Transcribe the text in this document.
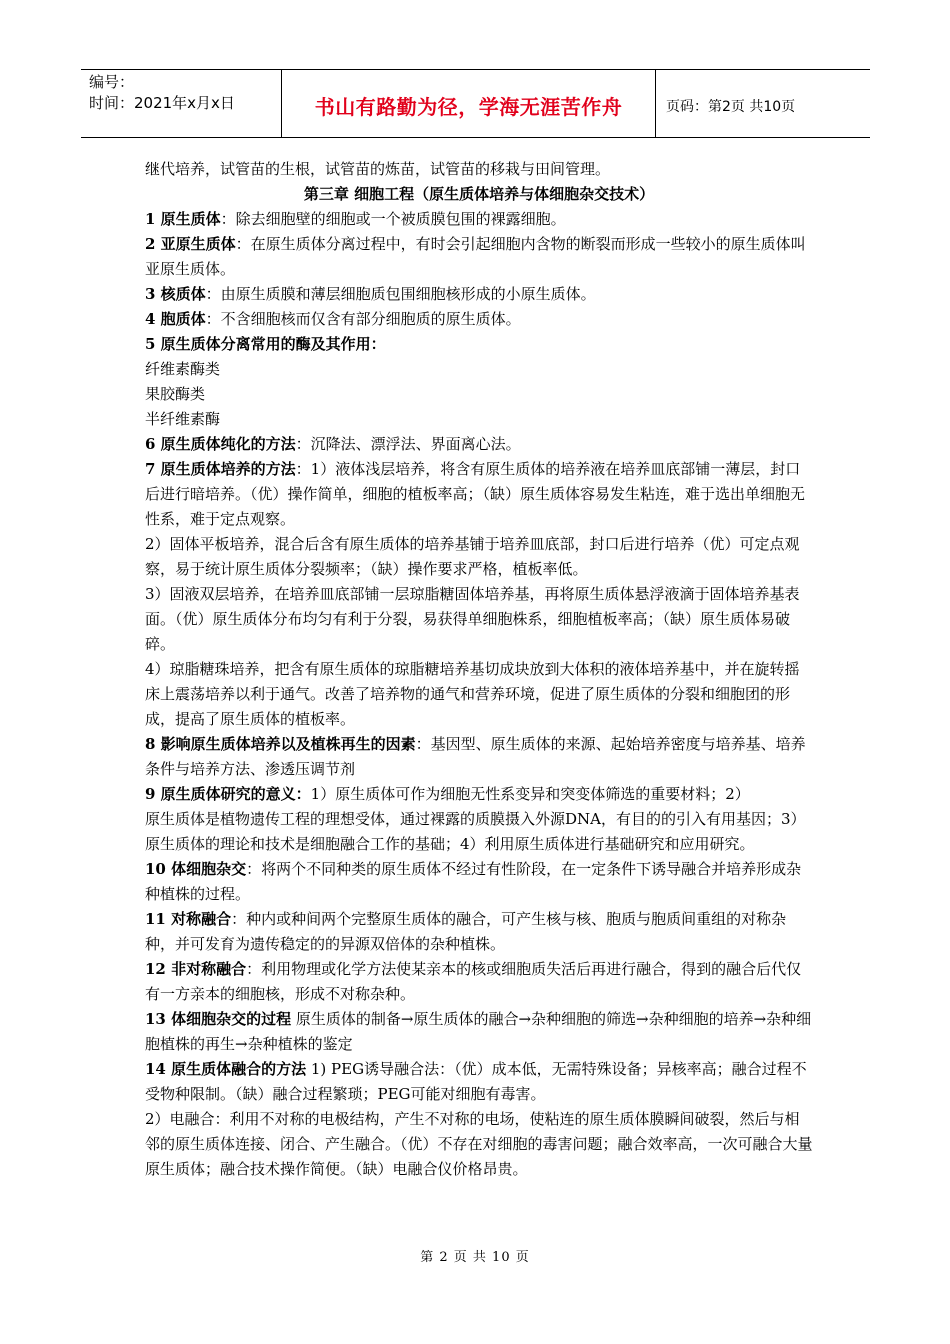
编号：
时间：2021年x月x日	书山有路勤为径，学海无涯苦作舟	页码：第2页 共10页

继代培养，试管苗的生根，试管苗的炼苗，试管苗的移栽与田间管理。

第三章 细胞工程（原生质体培养与体细胞杂交技术）

1 原生质体：除去细胞壁的细胞或一个被质膜包围的裸露细胞。

2 亚原生质体：在原生质体分离过程中，有时会引起细胞内含物的断裂而形成一些较小的原生质体叫亚原生质体。

3 核质体：由原生质膜和薄层细胞质包围细胞核形成的小原生质体。

4 胞质体：不含细胞核而仅含有部分细胞质的原生质体。

5 原生质体分离常用的酶及其作用：

纤维素酶类

果胶酶类

半纤维素酶

6 原生质体纯化的方法：沉降法、漂浮法、界面离心法。

7 原生质体培养的方法：1）液体浅层培养，将含有原生质体的培养液在培养皿底部铺一薄层，封口后进行暗培养。（优）操作简单，细胞的植板率高；（缺）原生质体容易发生粘连，难于选出单细胞无性系，难于定点观察。

2）固体平板培养，混合后含有原生质体的培养基铺于培养皿底部，封口后进行培养（优）可定点观察，易于统计原生质体分裂频率；（缺）操作要求严格，植板率低。

3）固液双层培养，在培养皿底部铺一层琼脂糖固体培养基，再将原生质体悬浮液滴于固体培养基表面。（优）原生质体分布均匀有利于分裂，易获得单细胞株系，细胞植板率高；（缺）原生质体易破碎。

4）琼脂糖珠培养，把含有原生质体的琼脂糖培养基切成块放到大体积的液体培养基中，并在旋转摇床上震荡培养以利于通气。改善了培养物的通气和营养环境，促进了原生质体的分裂和细胞团的形成，提高了原生质体的植板率。

8 影响原生质体培养以及植株再生的因素：基因型、原生质体的来源、起始培养密度与培养基、培养条件与培养方法、渗透压调节剂

9 原生质体研究的意义：1）原生质体可作为细胞无性系变异和突变体筛选的重要材料；2）

原生质体是植物遗传工程的理想受体，通过裸露的质膜摄入外源DNA，有目的的引入有用基因；3）原生质体的理论和技术是细胞融合工作的基础；4）利用原生质体进行基础研究和应用研究。

10 体细胞杂交：将两个不同种类的原生质体不经过有性阶段，在一定条件下诱导融合并培养形成杂种植株的过程。

11 对称融合：种内或种间两个完整原生质体的融合，可产生核与核、胞质与胞质间重组的对称杂种，并可发育为遗传稳定的的异源双倍体的杂种植株。

12 非对称融合：利用物理或化学方法使某亲本的核或细胞质失活后再进行融合，得到的融合后代仅有一方亲本的细胞核，形成不对称杂种。

13 体细胞杂交的过程 原生质体的制备→原生质体的融合→杂种细胞的筛选→杂种细胞的培养→杂种细胞植株的再生→杂种植株的鉴定

14 原生质体融合的方法 1) PEG诱导融合法：（优）成本低，无需特殊设备；异核率高；融合过程不受物种限制。（缺）融合过程繁琐；PEG可能对细胞有毒害。

2）电融合：利用不对称的电极结构，产生不对称的电场，使粘连的原生质体膜瞬间破裂，然后与相邻的原生质体连接、闭合、产生融合。（优）不存在对细胞的毒害问题；融合效率高，一次可融合大量原生质体；融合技术操作简便。（缺）电融合仪价格昂贵。

第 2 页 共 10 页
